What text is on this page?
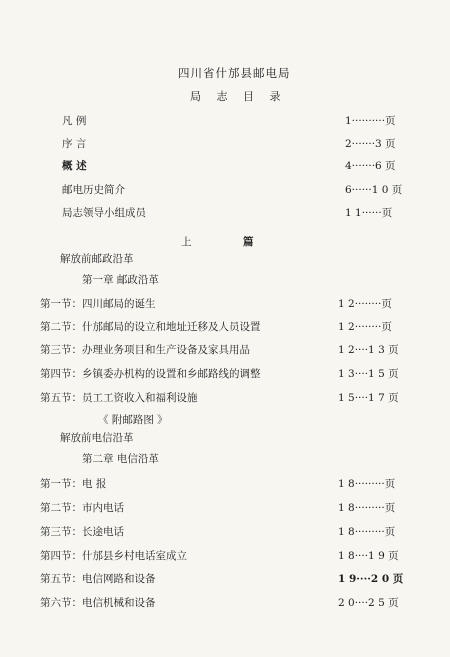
四川省什邡县邮电局
局 志 目 录
凡 例	1··········页
序 言	2·······3 页
概 述	4·······6 页
邮电历史简介	6······1 0 页
局志领导小组成员	1 1······页
上	篇
解放前邮政沿革
第一章 邮政沿革
第一节：四川邮局的诞生	1 2········页
第二节：什邡邮局的设立和地址迁移及人员设置	1 2········页
第三节：办理业务项目和生产设备及家具用品	1 2····1 3 页
第四节：乡镇委办机构的设置和乡邮路线的调整	1 3····1 5 页
第五节：员工工资收入和福利设施	1 5····1 7 页
《 附邮路图 》
解放前电信沿革
第二章 电信沿革
第一节：电 报	1 8·········页
第二节：市内电话	1 8·········页
第三节：长途电话	1 8·········页
第四节：什邡县乡村电话室成立	1 8····1 9 页
第五节：电信网路和设备	1 9····2 0 页
第六节：电信机械和设备	2 0····2 5 页
